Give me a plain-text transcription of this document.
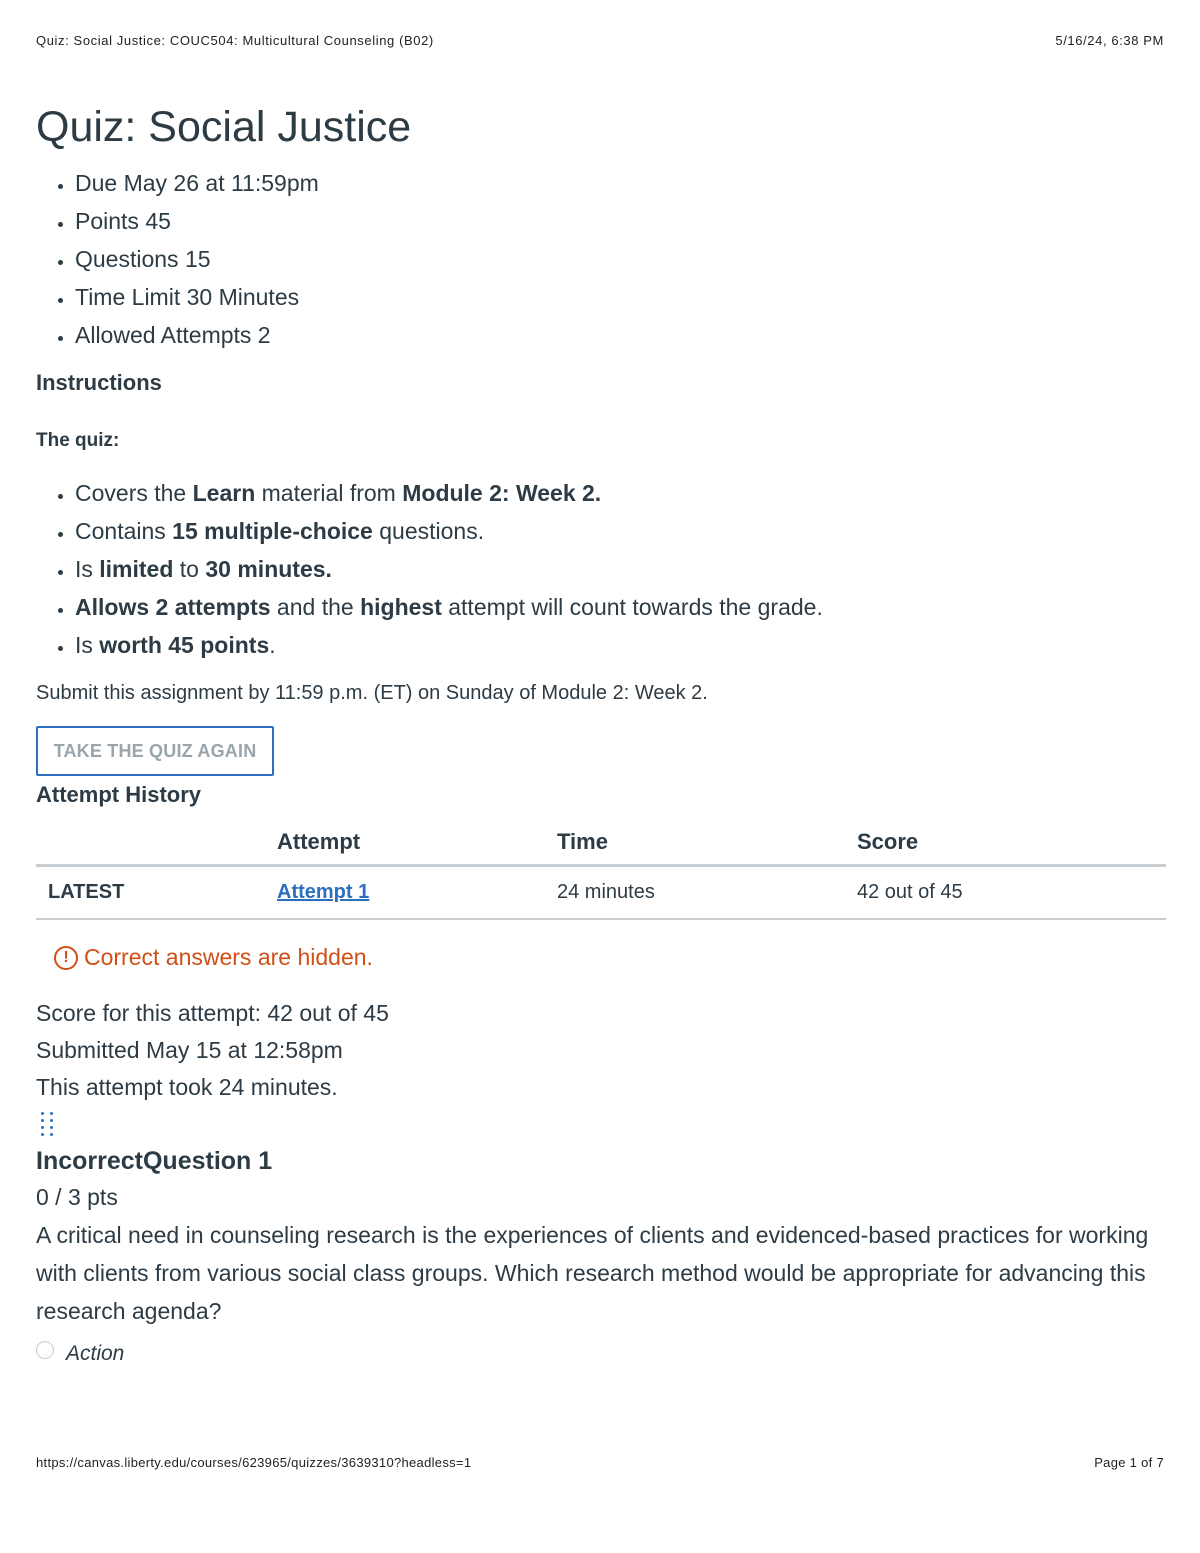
Quiz: Social Justice: COUC504: Multicultural Counseling (B02)	5/16/24, 6:38 PM
Quiz: Social Justice
• Due May 26 at 11:59pm
• Points 45
• Questions 15
• Time Limit 30 Minutes
• Allowed Attempts 2
Instructions
The quiz:
• Covers the Learn material from Module 2: Week 2.
• Contains 15 multiple-choice questions.
• Is limited to 30 minutes.
• Allows 2 attempts and the highest attempt will count towards the grade.
• Is worth 45 points.
Submit this assignment by 11:59 p.m. (ET) on Sunday of Module 2: Week 2.
TAKE THE QUIZ AGAIN
Attempt History
	Attempt	Time	Score
LATEST	Attempt 1	24 minutes	42 out of 45
! Correct answers are hidden.
Score for this attempt: 42 out of 45
Submitted May 15 at 12:58pm
This attempt took 24 minutes.
IncorrectQuestion 1
0 / 3 pts
A critical need in counseling research is the experiences of clients and evidenced-based practices for working with clients from various social class groups. Which research method would be appropriate for advancing this research agenda?
Action
https://canvas.liberty.edu/courses/623965/quizzes/3639310?headless=1	Page 1 of 7
